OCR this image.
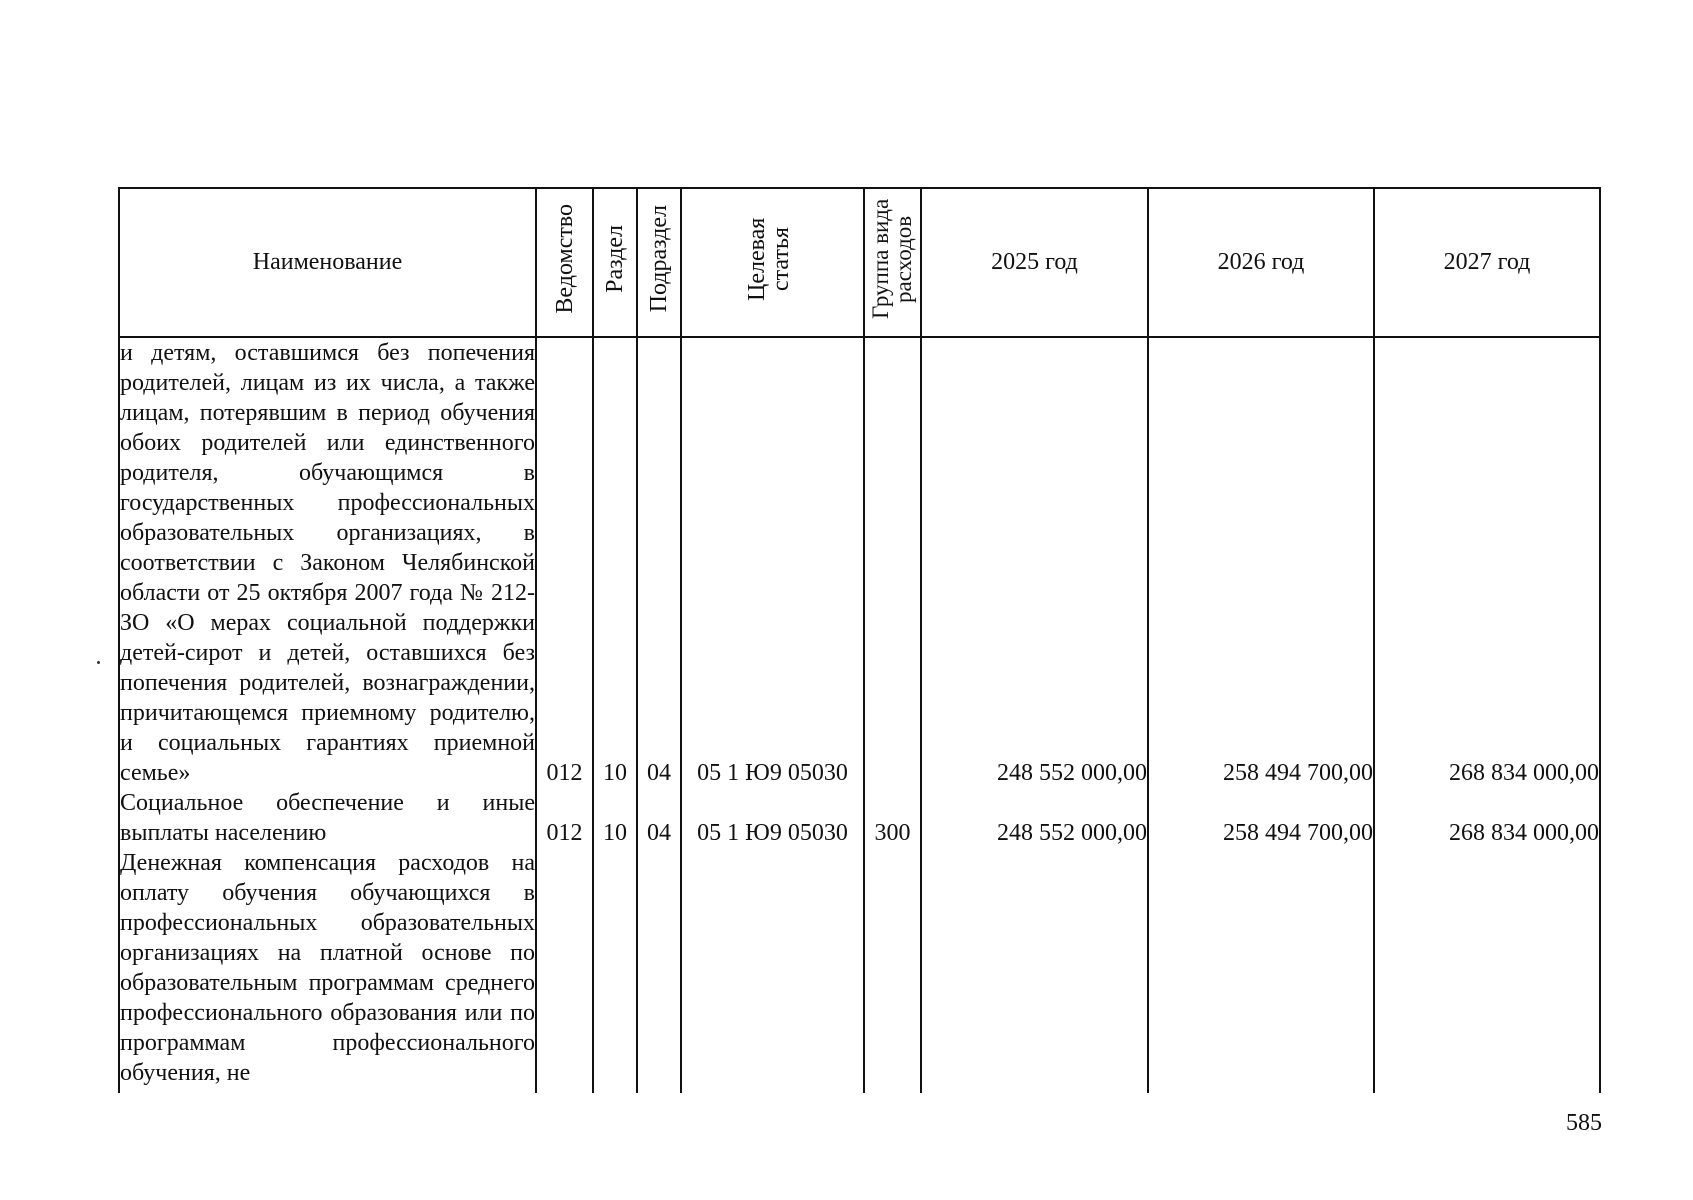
Наименование	Ведомство	Раздел	Подраздел	Целевая статья	Группа вида расходов	2025 год	2026 год	2027 год
и детям, оставшимся без попечения родителей, лицам из их числа, а также лицам, потерявшим в период обучения обоих родителей или единственного родителя, обучающимся в государственных профессиональных образовательных организациях, в соответствии с Законом Челябинской области от 25 октября 2007 года № 212-ЗО «О мерах социальной поддержки детей-сирот и детей, оставшихся без попечения родителей, вознаграждении, причитающемся приемному родителю, и социальных гарантиях приемной семье»	012	10	04	05 1 Ю9 05030		248 552 000,00	258 494 700,00	268 834 000,00
Социальное обеспечение и иные выплаты населению	012	10	04	05 1 Ю9 05030	300	248 552 000,00	258 494 700,00	268 834 000,00
Денежная компенсация расходов на оплату обучения обучающихся в профессиональных образовательных организациях на платной основе по образовательным программам среднего профессионального образования или по программам профессионального обучения, не								
585
